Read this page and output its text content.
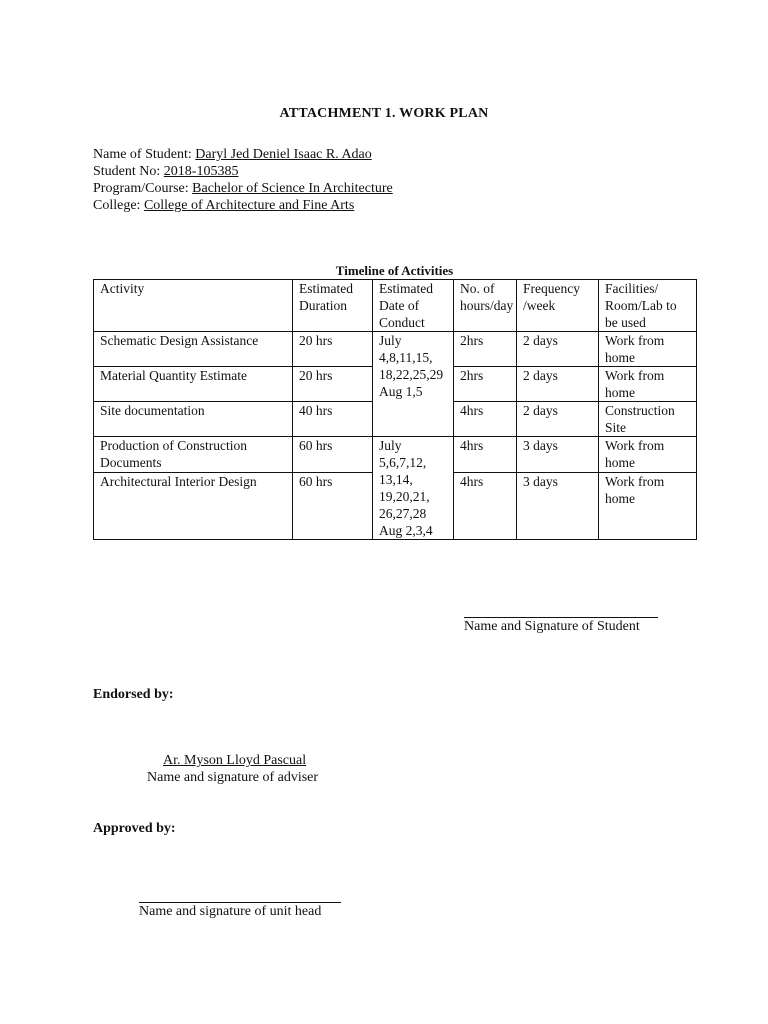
ATTACHMENT 1. WORK PLAN
Name of Student: Daryl Jed Deniel Isaac R. Adao
Student No: 2018-105385
Program/Course: Bachelor of Science In Architecture
College: College of Architecture and Fine Arts
Timeline of Activities
Activity	Estimated Duration	Estimated Date of Conduct	No. of hours/day	Frequency /week	Facilities/ Room/Lab to be used
Schematic Design Assistance	20 hrs	July 4,8,11,15, 18,22,25,29 Aug 1,5	2hrs	2 days	Work from home
Material Quantity Estimate	20 hrs		2hrs	2 days	Work from home
Site documentation	40 hrs		4hrs	2 days	Construction Site
Production of Construction Documents	60 hrs	July 5,6,7,12, 13,14, 19,20,21, 26,27,28 Aug 2,3,4	4hrs	3 days	Work from home
Architectural Interior Design	60 hrs		4hrs	3 days	Work from home
Name and Signature of Student
Endorsed by:
Ar. Myson Lloyd Pascual
Name and signature of adviser
Approved by:
Name and signature of unit head
